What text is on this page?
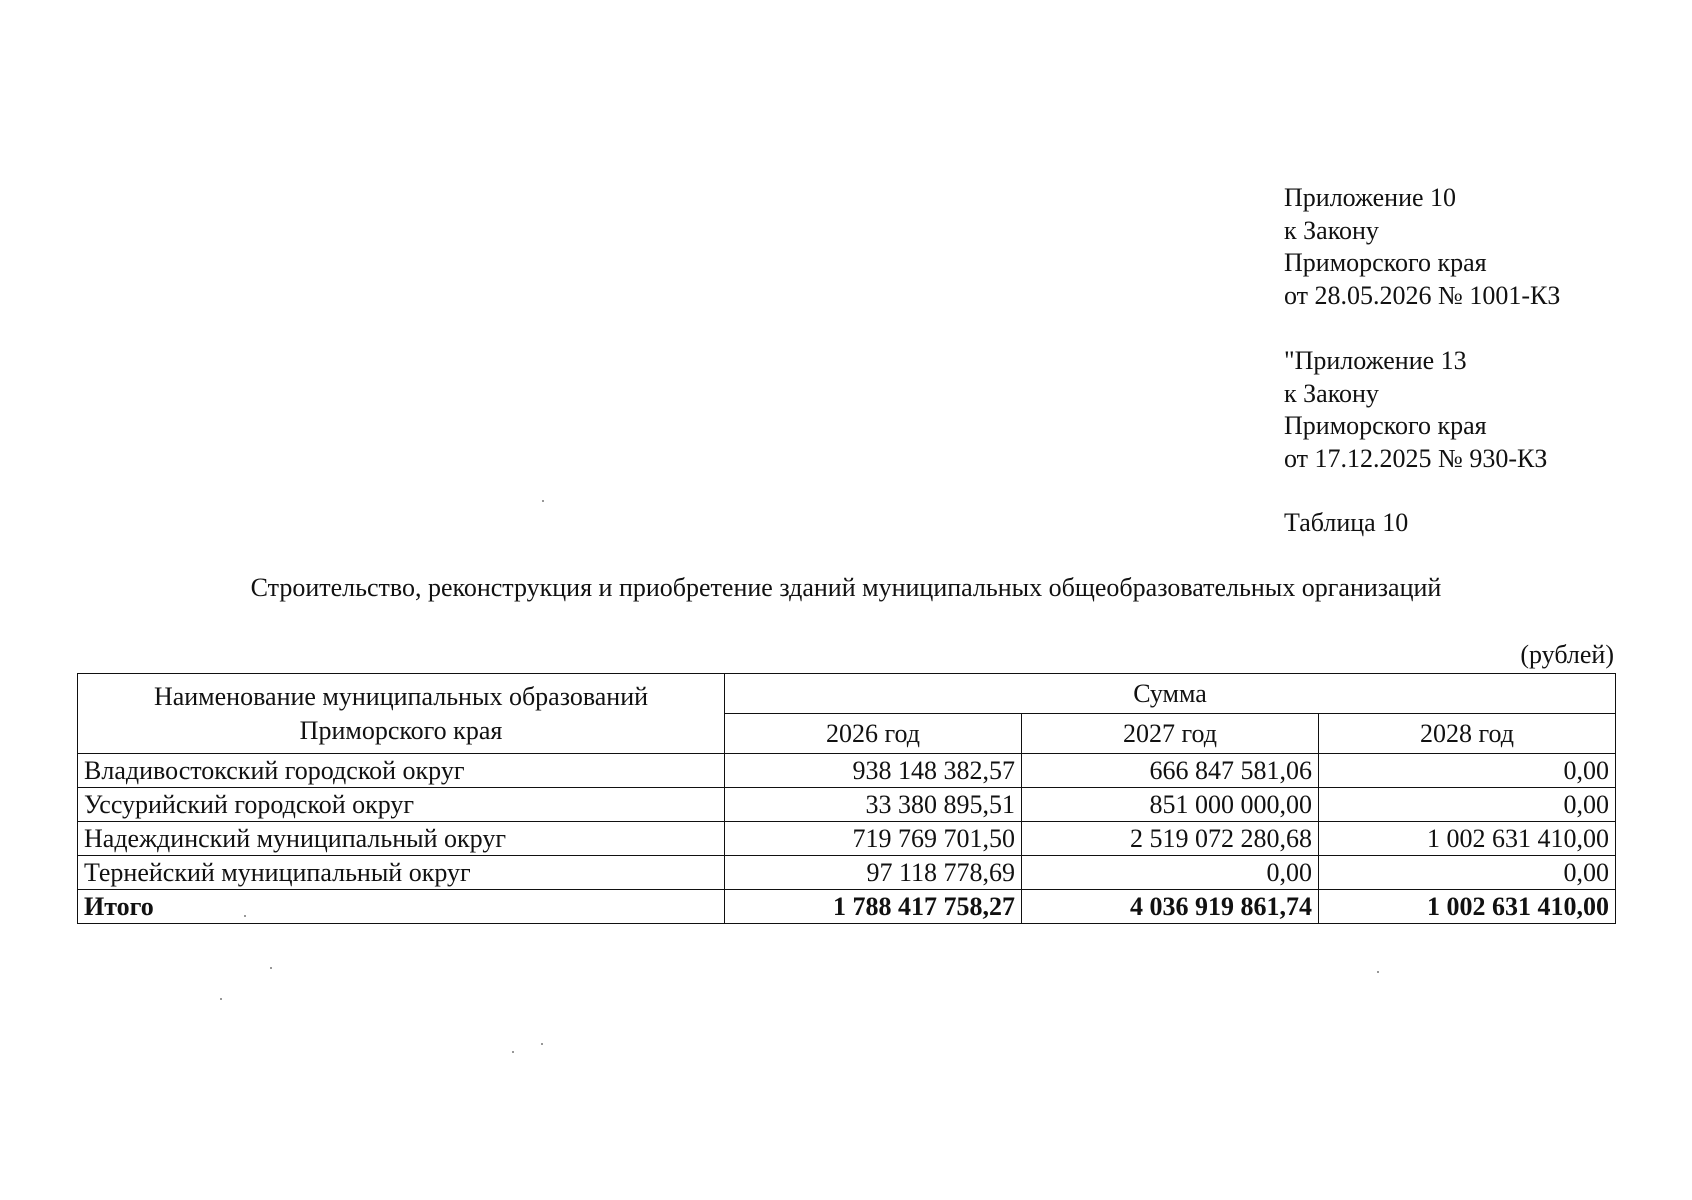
Приложение 10
к Закону
Приморского края
от 28.05.2026 № 1001-КЗ
"Приложение 13
к Закону
Приморского края
от 17.12.2025 № 930-КЗ
Таблица 10
Строительство, реконструкция и приобретение зданий муниципальных общеобразовательных организаций
(рублей)
Наименование муниципальных образований
Приморского края	Сумма		
	2026 год	2027 год	2028 год
Владивостокский городской округ	938 148 382,57	666 847 581,06	0,00
Уссурийский городской округ	33 380 895,51	851 000 000,00	0,00
Надеждинский муниципальный округ	719 769 701,50	2 519 072 280,68	1 002 631 410,00
Тернейский муниципальный округ	97 118 778,69	0,00	0,00
Итого	1 788 417 758,27	4 036 919 861,74	1 002 631 410,00
